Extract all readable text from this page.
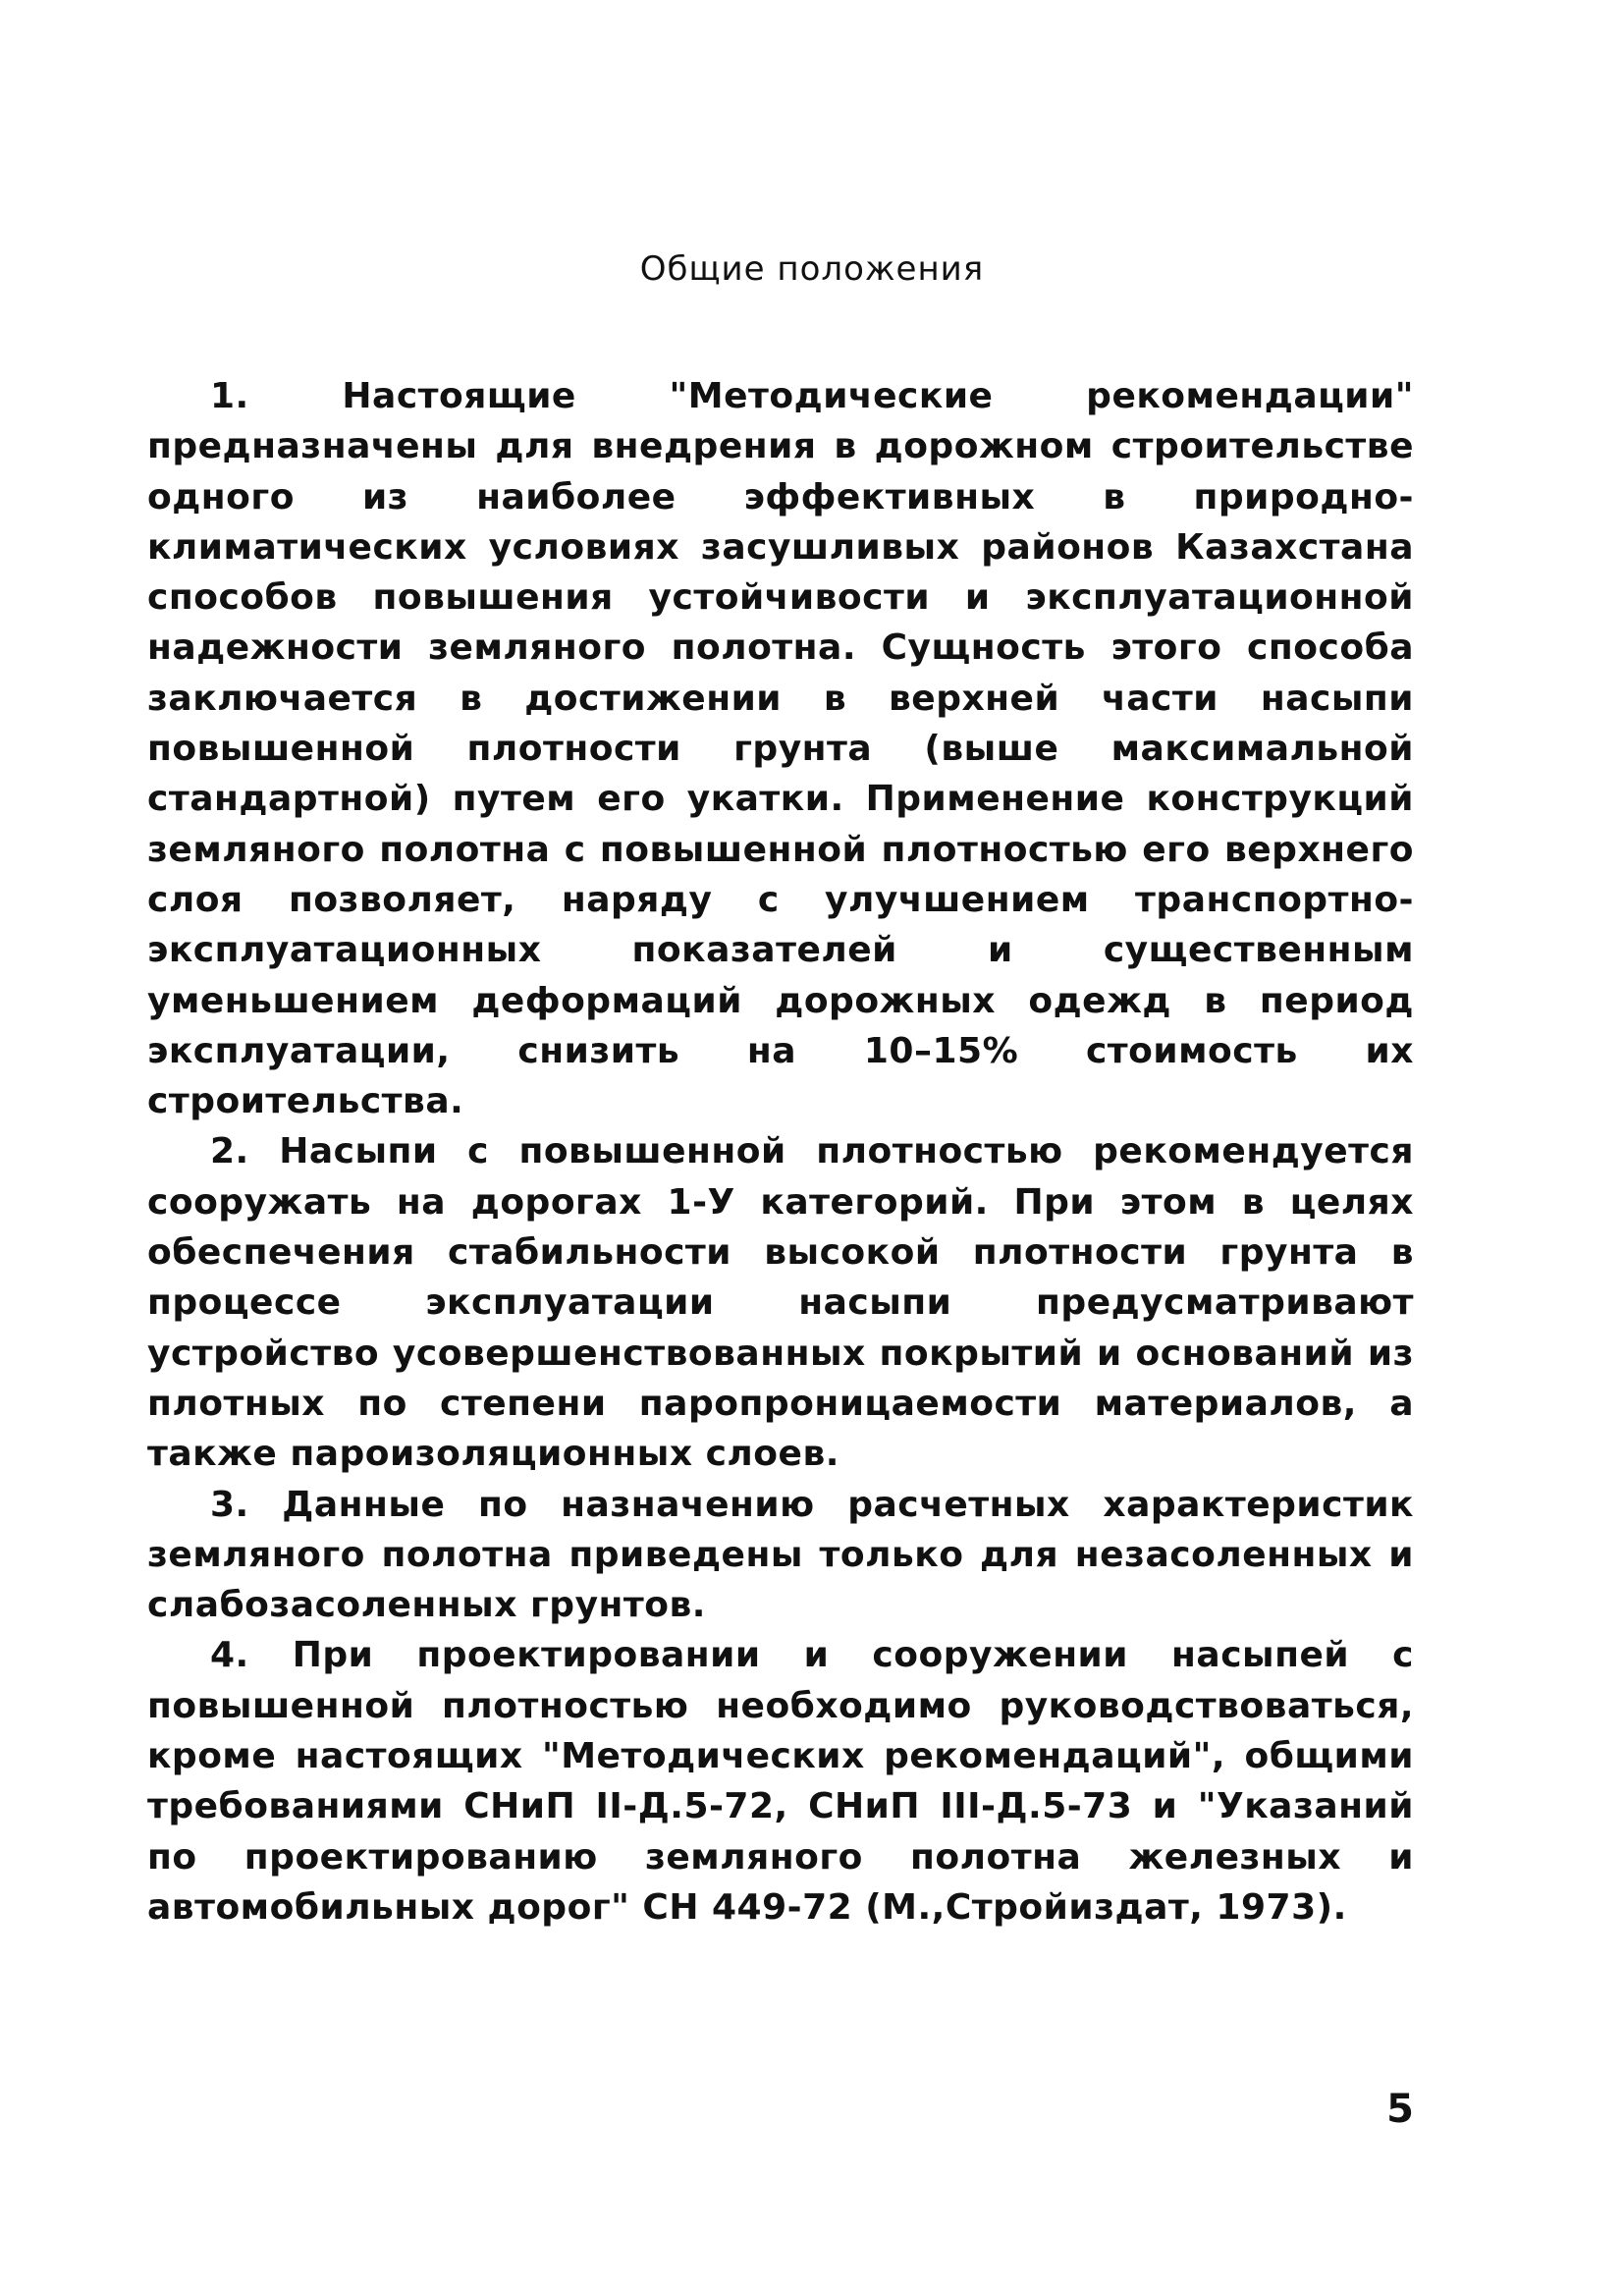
Общие положения

1. Настоящие "Методические рекомендации" предназначены для внедрения в дорожном строительстве одного из наиболее эффективных в природно-климатических условиях засушливых районов Казахстана способов повышения устойчивости и эксплуатационной надежности земляного полотна. Сущность этого способа заключается в достижении в верхней части насыпи повышенной плотности грунта (выше максимальной стандартной) путем его укатки. Применение конструкций земляного полотна с повышенной плотностью его верхнего слоя позволяет, наряду с улучшением транспортно-эксплуатационных показателей и существенным уменьшением деформаций дорожных одежд в период эксплуатации, снизить на 10–15% стоимость их строительства.

2. Насыпи с повышенной плотностью рекомендуется сооружать на дорогах 1-У категорий. При этом в целях обеспечения стабильности высокой плотности грунта в процессе эксплуатации насыпи предусматривают устройство усовершенствованных покрытий и оснований из плотных по степени паропроницаемости материалов, а также пароизоляционных слоев.

3. Данные по назначению расчетных характеристик земляного полотна приведены только для незасоленных и слабозасоленных грунтов.

4. При проектировании и сооружении насыпей с повышенной плотностью необходимо руководствоваться, кроме настоящих "Методических рекомендаций", общими требованиями СНиП II-Д.5-72, СНиП III-Д.5-73 и "Указаний по проектированию земляного полотна железных и автомобильных дорог" СН 449-72 (М.,Стройиздат, 1973).

5
